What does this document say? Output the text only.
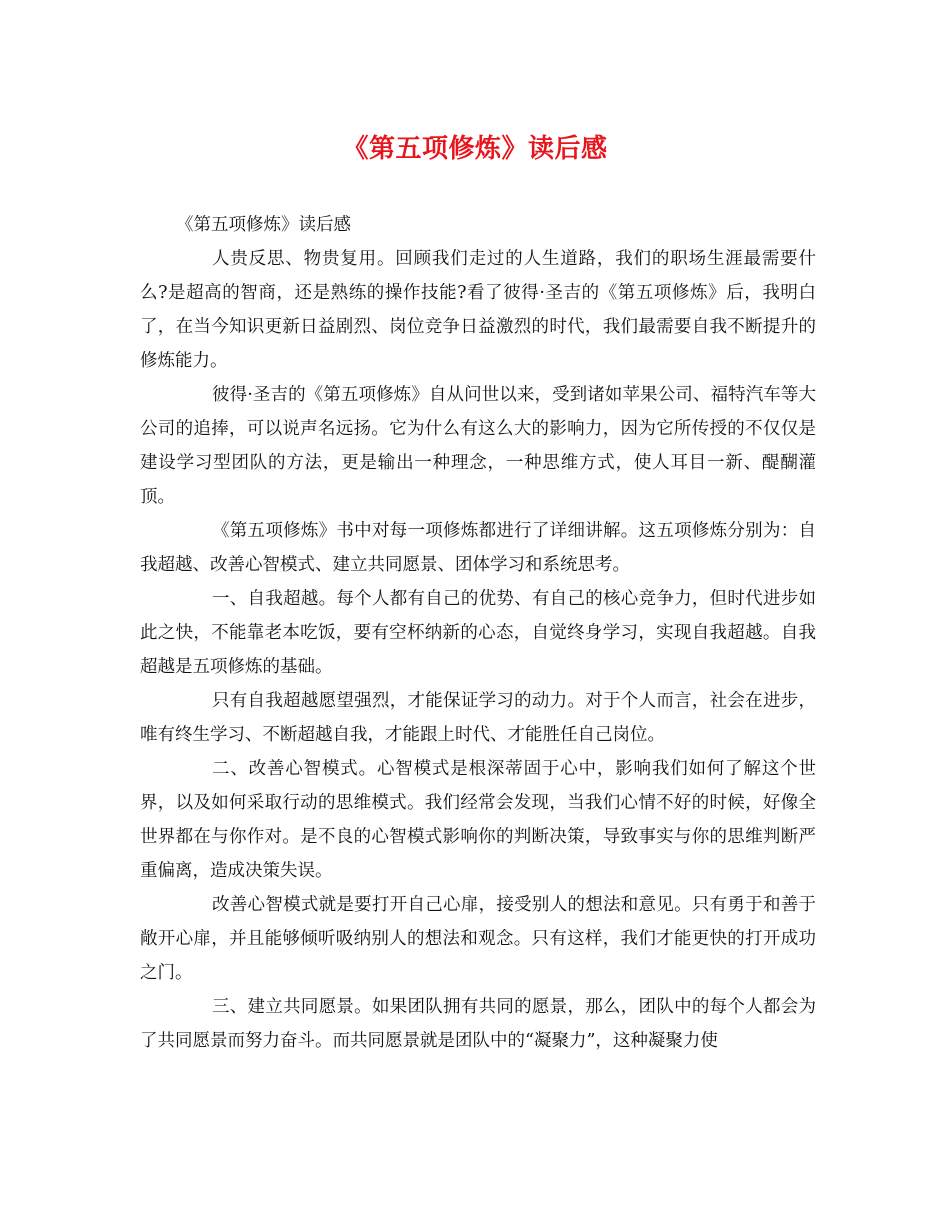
《第五项修炼》读后感

《第五项修炼》读后感

人贵反思、物贵复用。回顾我们走过的人生道路，我们的职场生涯最需要什么?是超高的智商，还是熟练的操作技能?看了彼得·圣吉的《第五项修炼》后，我明白了，在当今知识更新日益剧烈、岗位竞争日益激烈的时代，我们最需要自我不断提升的修炼能力。

彼得·圣吉的《第五项修炼》自从问世以来，受到诸如苹果公司、福特汽车等大公司的追捧，可以说声名远扬。它为什么有这么大的影响力，因为它所传授的不仅仅是建设学习型团队的方法，更是输出一种理念，一种思维方式，使人耳目一新、醍醐灌顶。

《第五项修炼》书中对每一项修炼都进行了详细讲解。这五项修炼分别为：自我超越、改善心智模式、建立共同愿景、团体学习和系统思考。

一、自我超越。每个人都有自己的优势、有自己的核心竞争力，但时代进步如此之快，不能靠老本吃饭，要有空杯纳新的心态，自觉终身学习，实现自我超越。自我超越是五项修炼的基础。

只有自我超越愿望强烈，才能保证学习的动力。对于个人而言，社会在进步，唯有终生学习、不断超越自我，才能跟上时代、才能胜任自己岗位。

二、改善心智模式。心智模式是根深蒂固于心中，影响我们如何了解这个世界，以及如何采取行动的思维模式。我们经常会发现，当我们心情不好的时候，好像全世界都在与你作对。是不良的心智模式影响你的判断决策，导致事实与你的思维判断严重偏离，造成决策失误。

改善心智模式就是要打开自己心扉，接受别人的想法和意见。只有勇于和善于敞开心扉，并且能够倾听吸纳别人的想法和观念。只有这样，我们才能更快的打开成功之门。

三、建立共同愿景。如果团队拥有共同的愿景，那么，团队中的每个人都会为了共同愿景而努力奋斗。而共同愿景就是团队中的“凝聚力”，这种凝聚力使
